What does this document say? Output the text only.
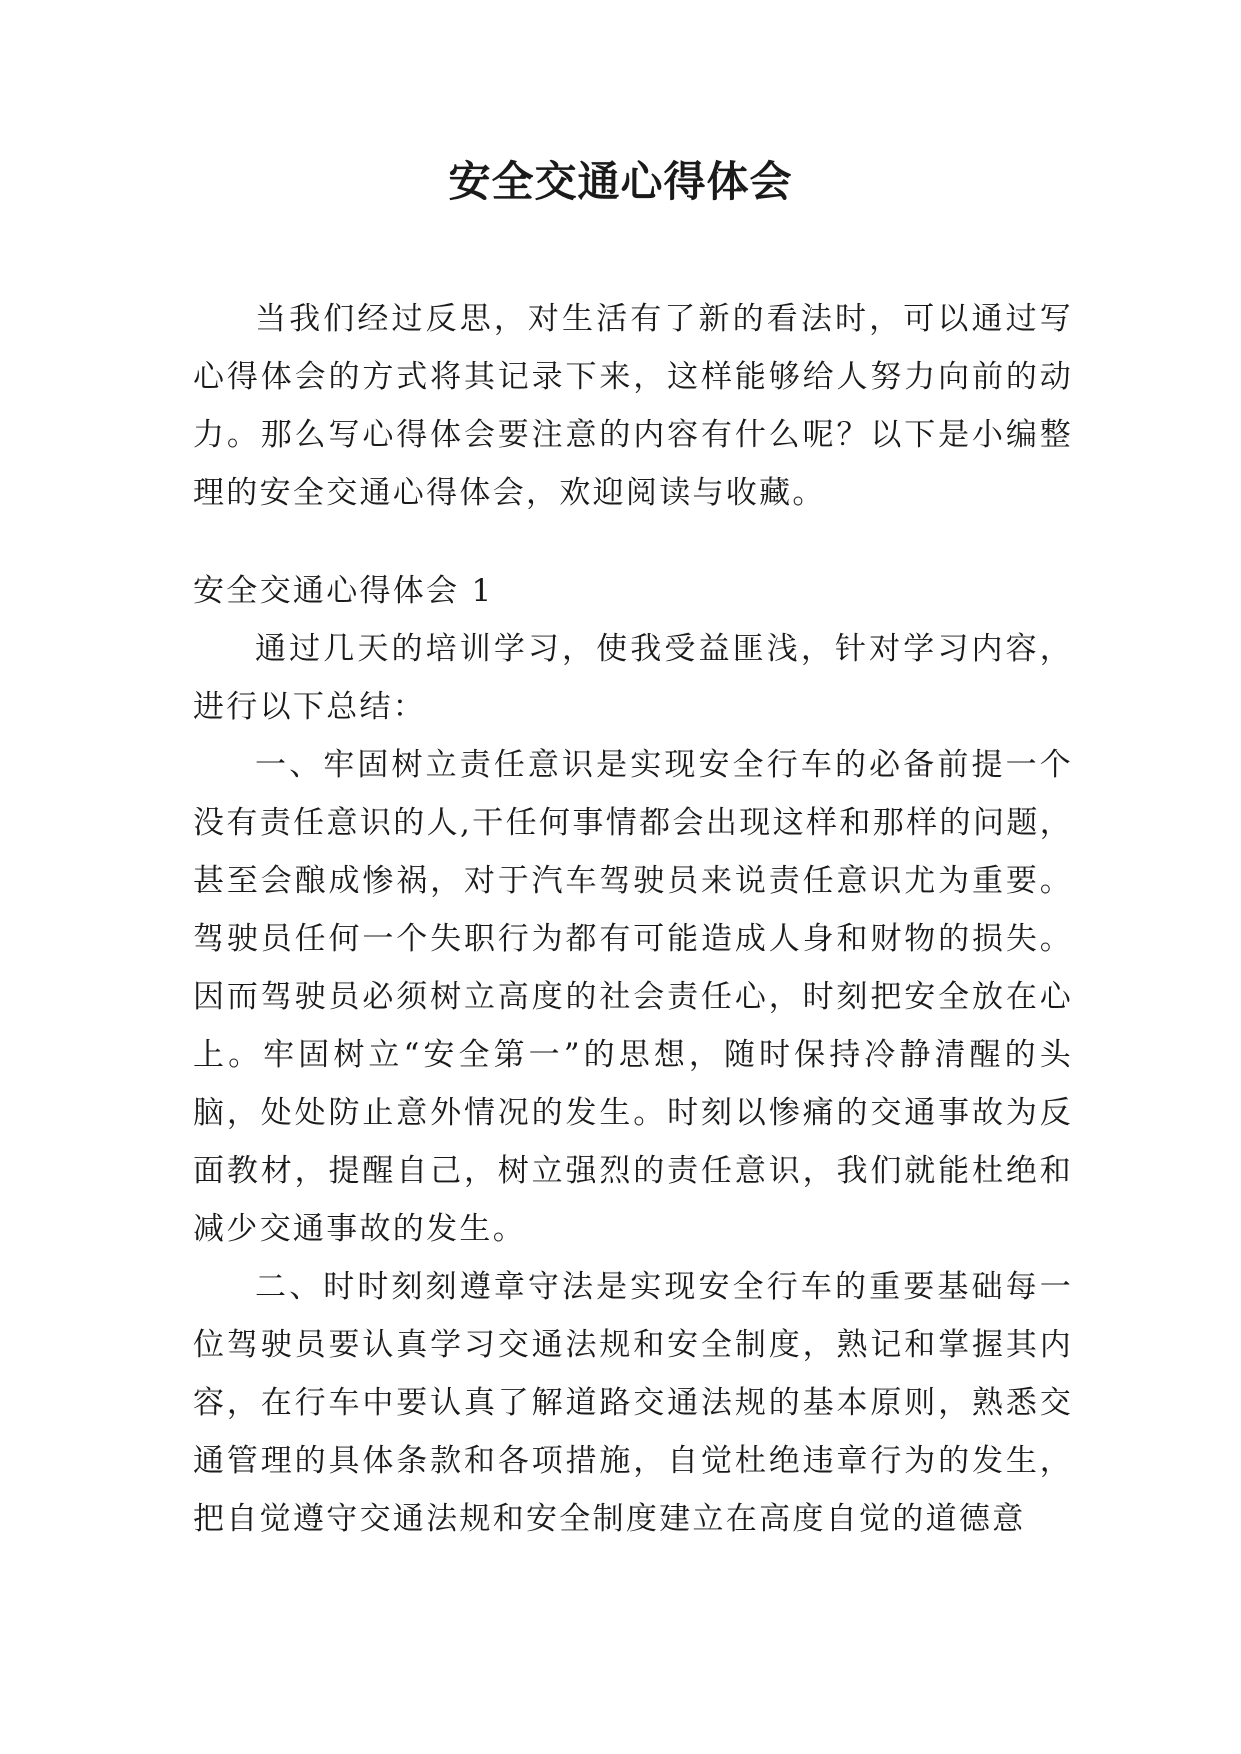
安全交通心得体会

当我们经过反思，对生活有了新的看法时，可以通过写心得体会的方式将其记录下来，这样能够给人努力向前的动力。那么写心得体会要注意的内容有什么呢？以下是小编整理的安全交通心得体会，欢迎阅读与收藏。

安全交通心得体会 1

通过几天的培训学习，使我受益匪浅，针对学习内容，进行以下总结：

一、牢固树立责任意识是实现安全行车的必备前提一个没有责任意识的人,干任何事情都会出现这样和那样的问题，甚至会酿成惨祸，对于汽车驾驶员来说责任意识尤为重要。驾驶员任何一个失职行为都有可能造成人身和财物的损失。因而驾驶员必须树立高度的社会责任心，时刻把安全放在心上。牢固树立“安全第一”的思想，随时保持冷静清醒的头脑，处处防止意外情况的发生。时刻以惨痛的交通事故为反面教材，提醒自己，树立强烈的责任意识，我们就能杜绝和减少交通事故的发生。

二、时时刻刻遵章守法是实现安全行车的重要基础每一位驾驶员要认真学习交通法规和安全制度，熟记和掌握其内容，在行车中要认真了解道路交通法规的基本原则，熟悉交通管理的具体条款和各项措施，自觉杜绝违章行为的发生，把自觉遵守交通法规和安全制度建立在高度自觉的道德意
